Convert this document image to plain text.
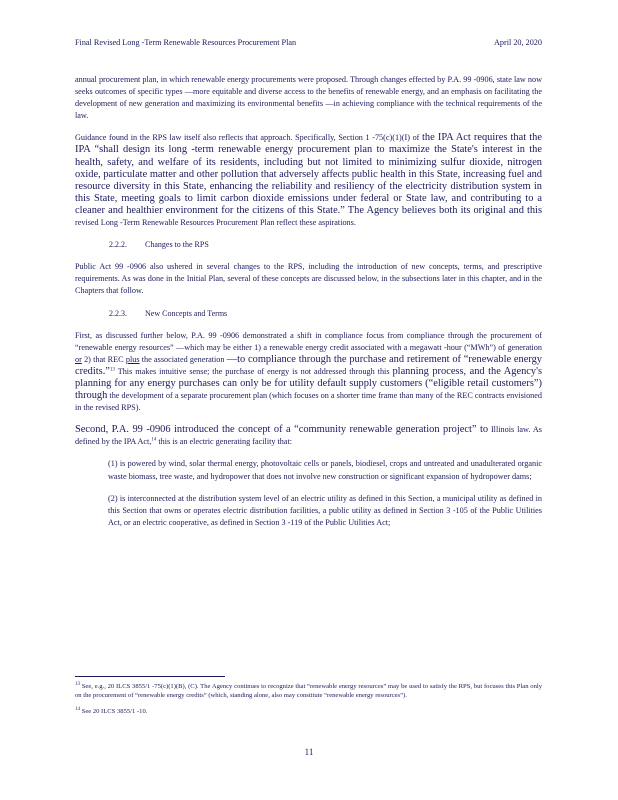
Final Revised Long -Term Renewable Resources Procurement Plan	April 20, 2020

annual procurement plan, in which renewable energy procurements were proposed. Through changes effected by P.A. 99 -0906, state law now seeks outcomes of specific types —more equitable and diverse access to the benefits of renewable energy, and an emphasis on facilitating the development of new generation and maximizing its environmental benefits —in achieving compliance with the technical requirements of the law.

Guidance found in the RPS law itself also reflects that approach. Specifically, Section 1 -75(c)(1)(I) of the IPA Act requires that the IPA “shall design its long -term renewable energy procurement plan to maximize the State's interest in the health, safety, and welfare of its residents, including but not limited to minimizing sulfur dioxide, nitrogen oxide, particulate matter and other pollution that adversely affects public health in this State, increasing fuel and resource diversity in this State, enhancing the reliability and resiliency of the electricity distribution system in this State, meeting goals to limit carbon dioxide emissions under federal or State law, and contributing to a cleaner and healthier environment for the citizens of this State.” The Agency believes both its original and this revised Long -Term Renewable Resources Procurement Plan reflect these aspirations.

2.2.2. Changes to the RPS

Public Act 99 -0906 also ushered in several changes to the RPS, including the introduction of new concepts, terms, and prescriptive requirements. As was done in the Initial Plan, several of these concepts are discussed below, in the subsections later in this chapter, and in the Chapters that follow.

2.2.3. New Concepts and Terms

First, as discussed further below, P.A. 99 -0906 demonstrated a shift in compliance focus from compliance through the procurement of “renewable energy resources” —which may be either 1) a renewable energy credit associated with a megawatt -hour (“MWh”) of generation or 2) that REC plus the associated generation —to compliance through the purchase and retirement of “renewable energy credits.”$^{13}$ This makes intuitive sense; the purchase of energy is not addressed through this planning process, and the Agency's planning for any energy purchases can only be for utility default supply customers (“eligible retail customers”) through the development of a separate procurement plan (which focuses on a shorter time frame than many of the REC contracts envisioned in the revised RPS).

Second, P.A. 99 -0906 introduced the concept of a “community renewable generation project” to Illinois law. As defined by the IPA Act,$^{14}$ this is an electric generating facility that:

(1) is powered by wind, solar thermal energy, photovoltaic cells or panels, biodiesel, crops and untreated and unadulterated organic waste biomass, tree waste, and hydropower that does not involve new construction or significant expansion of hydropower dams;

(2) is interconnected at the distribution system level of an electric utility as defined in this Section, a municipal utility as defined in this Section that owns or operates electric distribution facilities, a public utility as defined in Section 3 -105 of the Public Utilities Act, or an electric cooperative, as defined in Section 3 -119 of the Public Utilities Act;

$^{13}$ See, e.g., 20 ILCS 3855/1 -75(c)(1)(B), (C). The Agency continues to recognize that “renewable energy resources” may be used to satisfy the RPS, but focuses this Plan only on the procurement of “renewable energy credits” (which, standing alone, also may constitute “renewable energy resources”).

$^{14}$ See 20 ILCS 3855/1 -10.

11
